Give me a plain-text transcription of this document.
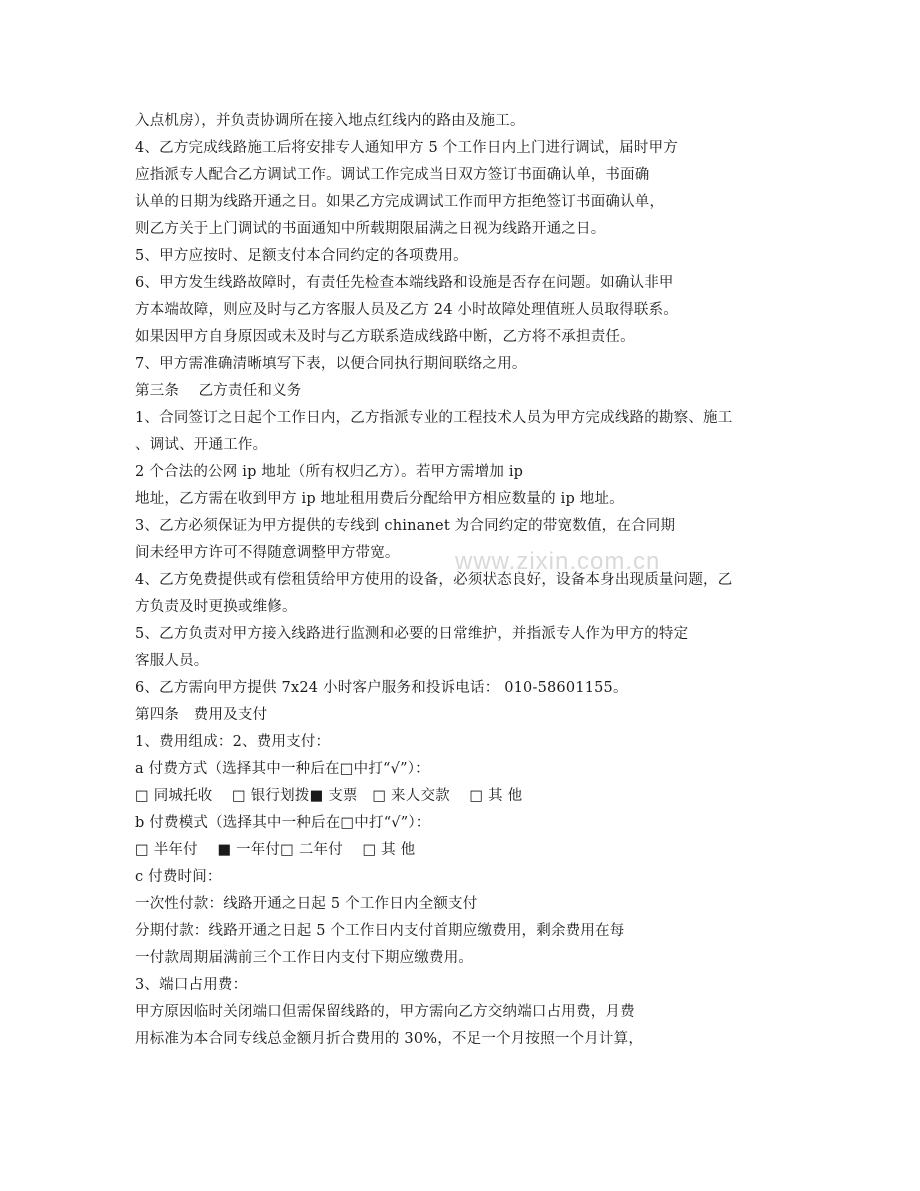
www.zixin.com.cn
入点机房），并负责协调所在接入地点红线内的路由及施工。
4、乙方完成线路施工后将安排专人通知甲方 5 个工作日内上门进行调试，届时甲方
应指派专人配合乙方调试工作。调试工作完成当日双方签订书面确认单，书面确
认单的日期为线路开通之日。如果乙方完成调试工作而甲方拒绝签订书面确认单，
则乙方关于上门调试的书面通知中所载期限届满之日视为线路开通之日。
5、甲方应按时、足额支付本合同约定的各项费用。
6、甲方发生线路故障时，有责任先检查本端线路和设施是否存在问题。如确认非甲
方本端故障，则应及时与乙方客服人员及乙方 24 小时故障处理值班人员取得联系。
如果因甲方自身原因或未及时与乙方联系造成线路中断，乙方将不承担责任。
7、甲方需准确清晰填写下表，以便合同执行期间联络之用。
第三条　 乙方责任和义务
1、合同签订之日起个工作日内，乙方指派专业的工程技术人员为甲方完成线路的勘察、施工
、调试、开通工作。
2 个合法的公网 ip 地址（所有权归乙方）。若甲方需增加 ip
地址，乙方需在收到甲方 ip 地址租用费后分配给甲方相应数量的 ip 地址。
3、乙方必须保证为甲方提供的专线到 chinanet 为合同约定的带宽数值，在合同期
间未经甲方许可不得随意调整甲方带宽。
4、乙方免费提供或有偿租赁给甲方使用的设备，必须状态良好，设备本身出现质量问题，乙
方负责及时更换或维修。
5、乙方负责对甲方接入线路进行监测和必要的日常维护，并指派专人作为甲方的特定
客服人员。
6、乙方需向甲方提供 7x24 小时客户服务和投诉电话： 010-58601155。
第四条　费用及支付
1、费用组成：2、费用支付：
a 付费方式（选择其中一种后在□中打“√”）：
□ 同城托收　 □ 银行划拨■ 支票　□ 来人交款　 □ 其 他
b 付费模式（选择其中一种后在□中打“√”）：
□ 半年付　 ■ 一年付□ 二年付　 □ 其 他
c 付费时间：
一次性付款：线路开通之日起 5 个工作日内全额支付
分期付款：线路开通之日起 5 个工作日内支付首期应缴费用，剩余费用在每
一付款周期届满前三个工作日内支付下期应缴费用。
3、端口占用费：
甲方原因临时关闭端口但需保留线路的，甲方需向乙方交纳端口占用费，月费
用标准为本合同专线总金额月折合费用的 30%，不足一个月按照一个月计算，
